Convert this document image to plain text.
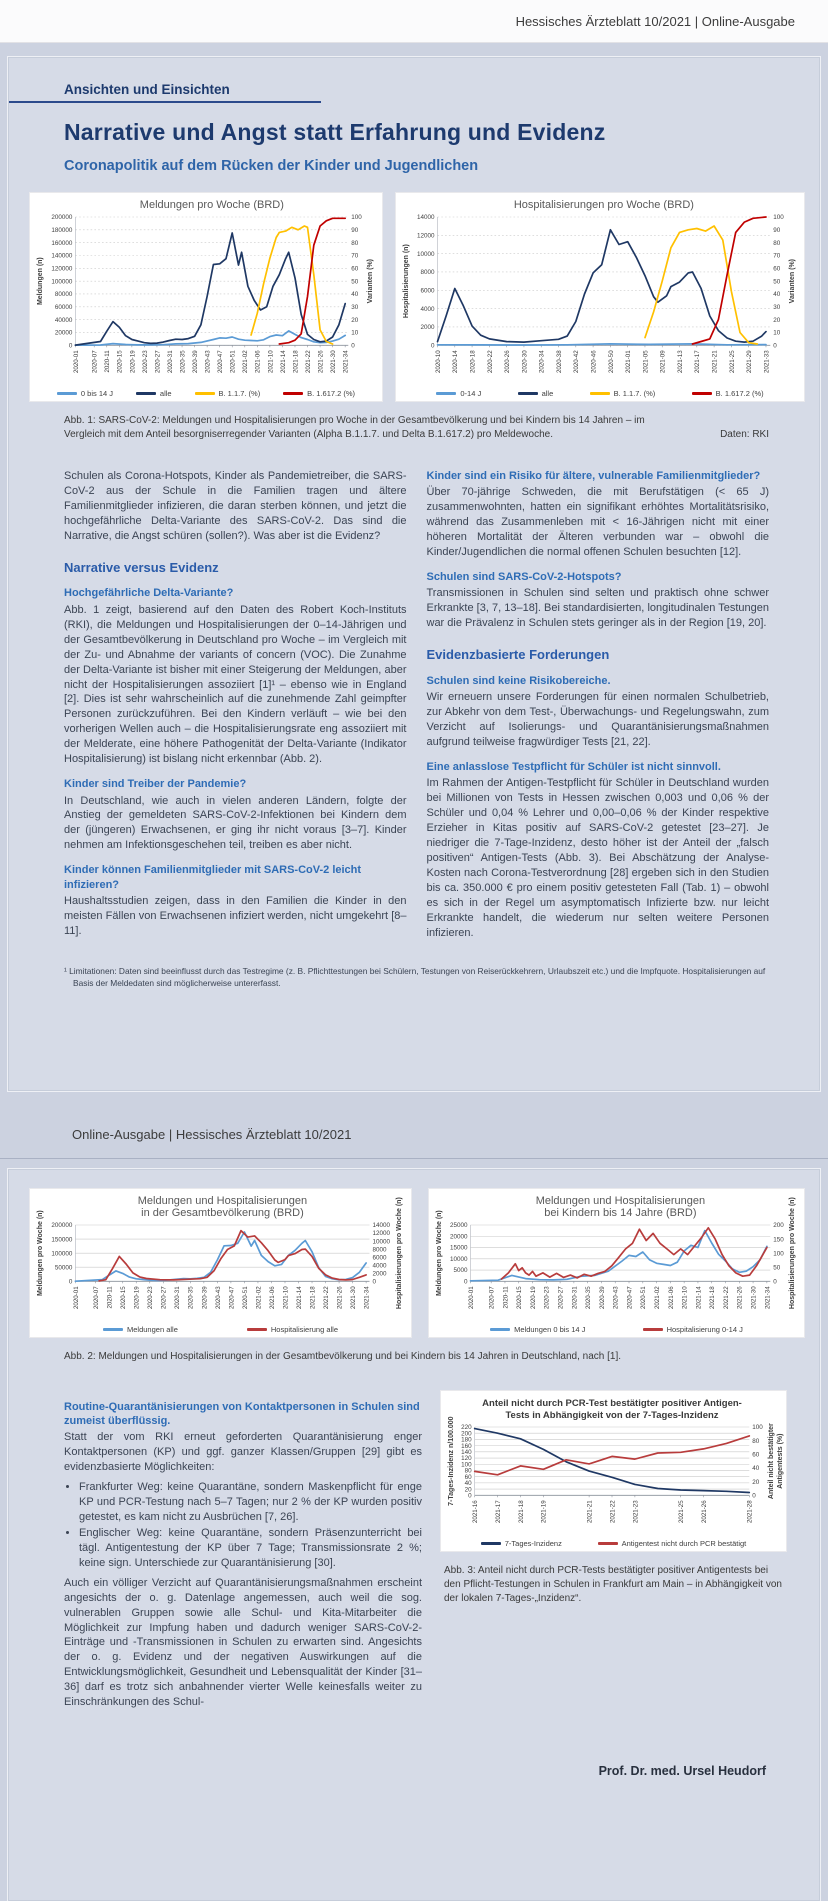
Hessisches Ärzteblatt 10/2021 | Online-Ausgabe
Ansichten und Einsichten
Narrative und Angst statt Erfahrung und Evidenz
Coronapolitik auf dem Rücken der Kinder und Jugendlichen
0
20000
40000
60000
80000
100000
120000
140000
160000
180000
200000
0
10
20
30
40
50
60
70
80
90
100
2020-01 2020-07 2020-11 2020-15 2020-19 2020-23 2020-27 2020-31 2020-35 2020-39 2020-43 2020-47 2020-51 2021-02 2021-06 2021-10 2021-14 2021-18 2021-22 2021-26 2021-30 2021-34
Meldungen pro Woche (BRD)
Meldungen (n)	Varianten (%)
0 bis 14 J	alle	B. 1.1.7. (%)	B. 1.617.2 (%)
0
2000
4000
6000
8000
10000
12000
14000
0
10
20
30
40
50
60
70
80
90
100
2020-10 2020-14 2020-18 2020-22 2020-26 2020-30 2020-34 2020-38 2020-42 2020-46 2020-50 2021-01 2021-05 2021-09 2021-13 2021-17 2021-21 2021-25 2021-29 2021-33
Hospitalisierungen pro Woche (BRD)
Hospitalisierungen (n)	Varianten (%)
0-14 J	alle	B. 1.1.7. (%)	B. 1.617.2 (%)
Abb. 1: SARS-CoV-2: Meldungen und Hospitalisierungen pro Woche in der Gesamtbevölkerung und bei Kindern bis 14 Jahren – im Vergleich mit dem Anteil besorgniserregender Varianten (Alpha B.1.1.7. und Delta B.1.617.2) pro Meldewoche.	Daten: RKI

Schulen als Corona-Hotspots, Kinder als Pandemietreiber, die SARS-CoV-2 aus der Schule in die Familien tragen und ältere Familienmitglieder infizieren, die daran sterben können, und jetzt die hochgefährliche Delta-Variante des SARS-CoV-2. Das sind die Narrative, die Angst schüren (sollen?). Was aber ist die Evidenz?

Narrative versus Evidenz
Hochgefährliche Delta-Variante?

Abb. 1 zeigt, basierend auf den Daten des Robert Koch-Instituts (RKI), die Meldungen und Hospitalisierungen der 0–14-Jährigen und der Gesamtbevölkerung in Deutschland pro Woche – im Vergleich mit der Zu- und Abnahme der variants of concern (VOC). Die Zunahme der Delta-Variante ist bisher mit einer Steigerung der Meldungen, aber nicht der Hospitalisierungen assoziiert [1]¹ – ebenso wie in England [2]. Dies ist sehr wahrscheinlich auf die zunehmende Zahl geimpfter Personen zurückzuführen. Bei den Kindern verläuft – wie bei den vorherigen Wellen auch – die Hospitalisierungsrate eng assoziiert mit der Melderate, eine höhere Pathogenität der Delta-Variante (Indikator Hospitalisierung) ist bislang nicht erkennbar (Abb. 2).

Kinder sind Treiber der Pandemie?

In Deutschland, wie auch in vielen anderen Ländern, folgte der Anstieg der gemeldeten SARS-CoV-2-Infektionen bei Kindern dem der (jüngeren) Erwachsenen, er ging ihr nicht voraus [3–7]. Kinder nehmen am Infektionsgeschehen teil, treiben es aber nicht.

Kinder können Familienmitglieder mit SARS-CoV-2 leicht infizieren?

Haushaltsstudien zeigen, dass in den Familien die Kinder in den meisten Fällen von Erwachsenen infiziert werden, nicht umgekehrt [8–11].

Kinder sind ein Risiko für ältere, vulnerable Familienmitglieder?

Über 70-jährige Schweden, die mit Berufstätigen (< 65 J) zusammenwohnten, hatten ein signifikant erhöhtes Mortalitätsrisiko, während das Zusammenleben mit < 16-Jährigen nicht mit einer höheren Mortalität der Älteren verbunden war – obwohl die Kinder/Jugendlichen die normal offenen Schulen besuchten [12].

Schulen sind SARS-CoV-2-Hotspots?

Transmissionen in Schulen sind selten und praktisch ohne schwer Erkrankte [3, 7, 13–18]. Bei standardisierten, longitudinalen Testungen war die Prävalenz in Schulen stets geringer als in der Region [19, 20].

Evidenzbasierte Forderungen
Schulen sind keine Risikobereiche.

Wir erneuern unsere Forderungen für einen normalen Schulbetrieb, zur Abkehr von dem Test-, Überwachungs- und Regelungswahn, zum Verzicht auf Isolierungs- und Quarantänisierungsmaßnahmen aufgrund teilweise fragwürdiger Tests [21, 22].

Eine anlasslose Testpflicht für Schüler ist nicht sinnvoll.

Im Rahmen der Antigen-Testpflicht für Schüler in Deutschland wurden bei Millionen von Tests in Hessen zwischen 0,003 und 0,06 % der Schüler und 0,04 % Lehrer und 0,00–0,06 % der Kinder respektive Erzieher in Kitas positiv auf SARS-CoV-2 getestet [23–27]. Je niedriger die 7-Tage-Inzidenz, desto höher ist der Anteil der „falsch positiven“ Antigen-Tests (Abb. 3). Bei Abschätzung der Analyse-Kosten nach Corona-Testverordnung [28] ergeben sich in den Studien bis ca. 350.000 € pro einem positiv getesteten Fall (Tab. 1) – obwohl es sich in der Regel um asymptomatisch Infizierte bzw. nur leicht Erkrankte handelt, die wiederum nur selten weitere Personen infizieren.

¹ Limitationen: Daten sind beeinflusst durch das Testregime (z. B. Pflichttestungen bei Schülern, Testungen von Reiserückkehrern, Urlaubszeit etc.) und die Impfquote. Hospitalisierungen auf Basis der Meldedaten sind möglicherweise untererfasst.
Online-Ausgabe | Hessisches Ärzteblatt 10/2021
0
50000
100000
150000
200000
0
2000
4000
6000
8000
10000
12000
14000
2020-01 2020-07 2020-11 2020-15 2020-19 2020-23 2020-27 2020-31 2020-35 2020-39 2020-43 2020-47 2020-51 2021-02 2021-06 2021-10 2021-14 2021-18 2021-22 2021-26 2021-30 2021-34
Meldungen und Hospitalisierungen
in der Gesamtbevölkerung (BRD)
Meldungen pro Woche (n)	Hospitalisierungen pro Woche (n)
Meldungen alle	Hospitalisierung alle
0
5000
10000
15000
20000
25000
0
50
100
150
200
2020-01 2020-07 2020-11 2020-15 2020-19 2020-23 2020-27 2020-31 2020-35 2020-39 2020-43 2020-47 2020-51 2021-02 2021-06 2021-10 2021-14 2021-18 2021-22 2021-26 2021-30 2021-34
Meldungen und Hospitalisierungen
bei Kindern bis 14 Jahre (BRD)
Meldungen pro Woche (n)	Hospitalisierungen pro Woche (n)
Meldungen 0 bis 14 J	Hospitalisierung 0-14 J
Abb. 2: Meldungen und Hospitalisierungen in der Gesamtbevölkerung und bei Kindern bis 14 Jahren in Deutschland, nach [1].
Routine-Quarantänisierungen von Kontaktpersonen in Schulen sind zumeist überflüssig.

Statt der vom RKI erneut geforderten Quarantänisierung enger Kontaktpersonen (KP) und ggf. ganzer Klassen/Gruppen [29] gibt es evidenzbasierte Möglichkeiten:

• Frankfurter Weg: keine Quarantäne, sondern Maskenpflicht für enge KP und PCR-Testung nach 5–7 Tagen; nur 2 % der KP wurden positiv getestet, es kam nicht zu Ausbrüchen [7, 26].
• Englischer Weg: keine Quarantäne, sondern Präsenzunterricht bei tägl. Antigentestung der KP über 7 Tage; Transmissionsrate 2 %; keine sign. Unterschiede zur Quarantänisierung [30].

Auch ein völliger Verzicht auf Quarantänisierungsmaßnahmen erscheint angesichts der o. g. Datenlage angemessen, auch weil die sog. vulnerablen Gruppen sowie alle Schul- und Kita-Mitarbeiter die Möglichkeit zur Impfung haben und dadurch weniger SARS-CoV-2-Einträge und -Transmissionen in Schulen zu erwarten sind. Angesichts der o. g. Evidenz und der negativen Auswirkungen auf die Entwicklungsmöglichkeit, Gesundheit und Lebensqualität der Kinder [31–36] darf es trotz sich anbahnender vierter Welle keinesfalls weiter zu Einschränkungen des Schul-

0
20
40
60
80
100
120
140
160
180
200
220
0
20
40
60
80
100
2021-16	2021-17	2021-18	2021-19	2021-21	2021-22	2021-23	2021-25	2021-26	2021-28
Anteil nicht durch PCR-Test bestätigter positiver Antigen-
Tests in Abhängigkeit von der 7-Tages-Inzidenz
7-Tages-Inzidenz n/100.000	Anteil nicht bestätigter Antigentests (%)
7-Tages-Inzidenz	Antigentest nicht durch PCR bestätigt
Abb. 3: Anteil nicht durch PCR-Tests bestätigter positiver Antigentests bei den Pflicht-Testungen in Schulen in Frankfurt am Main – in Abhängigkeit von der lokalen 7-Tages-„Inzidenz“.
Prof. Dr. med. Ursel Heudorf
